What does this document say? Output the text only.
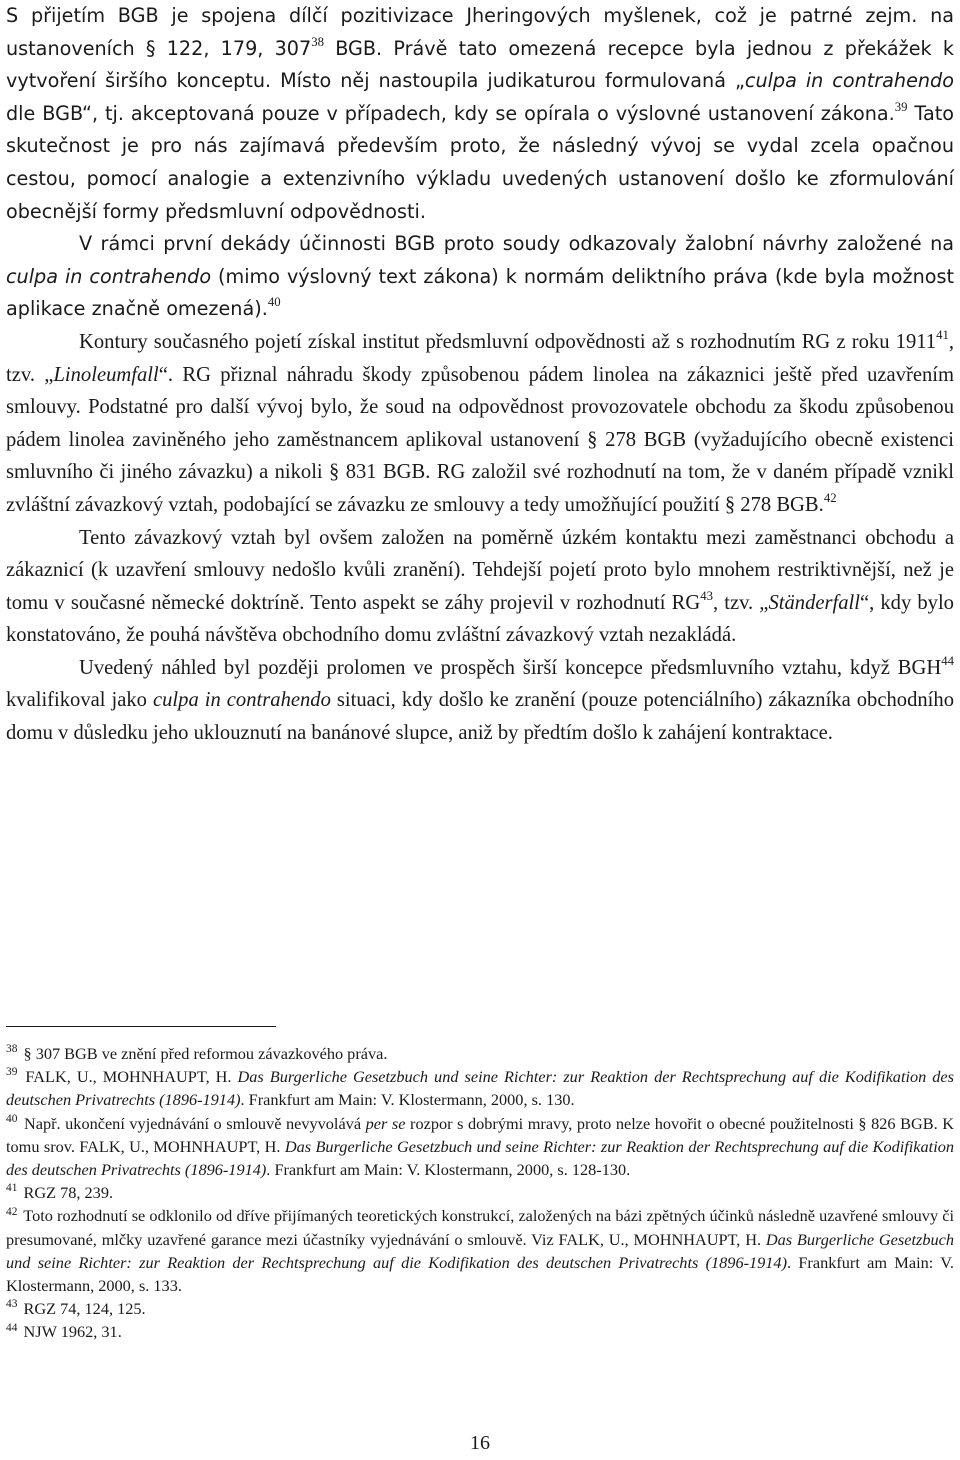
S přijetím BGB je spojena dílčí pozitivizace Jheringových myšlenek, což je patrné zejm. na ustanoveních § 122, 179, $307^{38}$ BGB. Právě tato omezená recepce byla jednou z překážek k vytvoření širšího konceptu. Místo něj nastoupila judikaturou formulovaná „culpa in contrahendo dle BGB“, tj. akceptovaná pouze v případech, kdy se opírala o výslovné ustanovení zákona.$^{39}$ Tato skutečnost je pro nás zajímavá především proto, že následný vývoj se vydal zcela opačnou cestou, pomocí analogie a extenzivního výkladu uvedených ustanovení došlo ke zformulování obecnější formy předsmluvní odpovědnosti.

V rámci první dekády účinnosti BGB proto soudy odkazovaly žalobní návrhy založené na culpa in contrahendo (mimo výslovný text zákona) k normám deliktního práva (kde byla možnost aplikace značně omezená).$^{40}$

Kontury současného pojetí získal institut předsmluvní odpovědnosti až s rozhodnutím RG z roku 1911$^{41}$, tzv. „Linoleumfall“. RG přiznal náhradu škody způsobenou pádem linolea na zákaznici ještě před uzavřením smlouvy. Podstatné pro další vývoj bylo, že soud na odpovědnost provozovatele obchodu za škodu způsobenou pádem linolea zaviněného jeho zaměstnancem aplikoval ustanovení § 278 BGB (vyžadujícího obecně existenci smluvního či jiného závazku) a nikoli § 831 BGB. RG založil své rozhodnutí na tom, že v daném případě vznikl zvláštní závazkový vztah, podobající se závazku ze smlouvy a tedy umožňující použití § 278 BGB.$^{42}$

Tento závazkový vztah byl ovšem založen na poměrně úzkém kontaktu mezi zaměstnanci obchodu a zákaznicí (k uzavření smlouvy nedošlo kvůli zranění). Tehdejší pojetí proto bylo mnohem restriktivnější, než je tomu v současné německé doktríně. Tento aspekt se záhy projevil v rozhodnutí RG$^{43}$, tzv. „Ständerfall“, kdy bylo konstatováno, že pouhá návštěva obchodního domu zvláštní závazkový vztah nezakládá.

Uvedený náhled byl později prolomen ve prospěch širší koncepce předsmluvního vztahu, když BGH$^{44}$ kvalifikoval jako culpa in contrahendo situaci, kdy došlo ke zranění (pouze potenciálního) zákazníka obchodního domu v důsledku jeho uklouznutí na banánové slupce, aniž by předtím došlo k zahájení kontraktace.

$^{38}$ § 307 BGB ve znění před reformou závazkového práva.

$^{39}$ FALK, U., MOHNHAUPT, H. Das Burgerliche Gesetzbuch und seine Richter: zur Reaktion der Rechtsprechung auf die Kodifikation des deutschen Privatrechts (1896-1914). Frankfurt am Main: V. Klostermann, 2000, s. 130.

$^{40}$ Např. ukončení vyjednávání o smlouvě nevyvolává per se rozpor s dobrými mravy, proto nelze hovořit o obecné použitelnosti § 826 BGB. K tomu srov. FALK, U., MOHNHAUPT, H. Das Burgerliche Gesetzbuch und seine Richter: zur Reaktion der Rechtsprechung auf die Kodifikation des deutschen Privatrechts (1896-1914). Frankfurt am Main: V. Klostermann, 2000, s. 128-130.

$^{41}$ RGZ 78, 239.

$^{42}$ Toto rozhodnutí se odklonilo od dříve přijímaných teoretických konstrukcí, založených na bázi zpětných účinků následně uzavřené smlouvy či presumované, mlčky uzavřené garance mezi účastníky vyjednávání o smlouvě. Viz FALK, U., MOHNHAUPT, H. Das Burgerliche Gesetzbuch und seine Richter: zur Reaktion der Rechtsprechung auf die Kodifikation des deutschen Privatrechts (1896-1914). Frankfurt am Main: V. Klostermann, 2000, s. 133.

$^{43}$ RGZ 74, 124, 125.

$^{44}$ NJW 1962, 31.

16
